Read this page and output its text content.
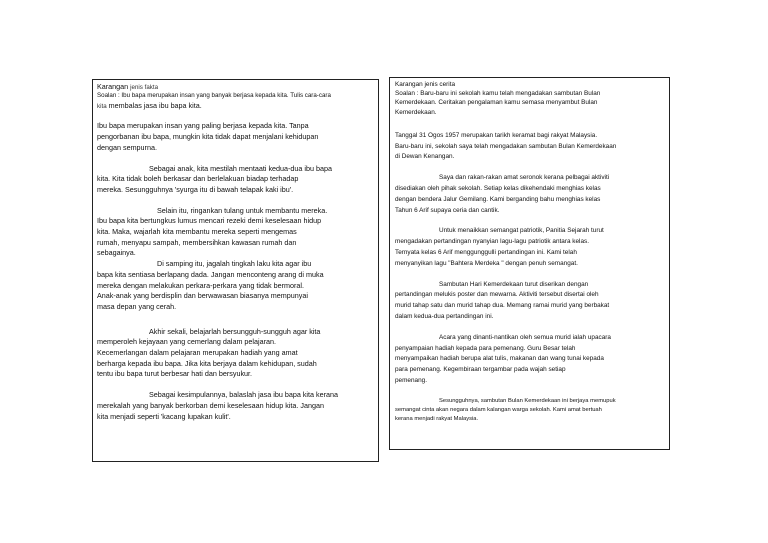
Karangan jenis fakta
Soalan : Ibu bapa merupakan insan yang banyak berjasa kepada kita. Tulis cara-cara
kita membalas jasa ibu bapa kita.

Ibu bapa merupakan insan yang paling berjasa kepada kita. Tanpa

pengorbanan ibu bapa, mungkin kita tidak dapat menjalani kehidupan

dengan sempurna.

Sebagai anak, kita mestilah mentaati kedua-dua ibu bapa

kita. Kita tidak boleh berkasar dan berlelakuan biadap terhadap

mereka. Sesungguhnya 'syurga itu di bawah telapak kaki ibu'.

Selain itu, ringankan tulang untuk membantu mereka.

Ibu bapa kita bertungkus lumus mencari rezeki demi keselesaan hidup

kita. Maka, wajarlah kita membantu mereka seperti mengemas

rumah, menyapu sampah, membersihkan kawasan rumah dan

sebagainya.

Di samping itu, jagalah tingkah laku kita agar ibu

bapa kita sentiasa berlapang dada. Jangan menconteng arang di muka

mereka dengan melakukan perkara-perkara yang tidak bermoral.

Anak-anak yang berdisplin dan berwawasan biasanya mempunyai

masa depan yang cerah.

Akhir sekali, belajarlah bersungguh-sungguh agar kita

memperoleh kejayaan yang cemerlang dalam pelajaran.

Kecemerlangan dalam pelajaran merupakan hadiah yang amat

berharga kepada ibu bapa. Jika kita berjaya dalam kehidupan, sudah

tentu ibu bapa turut berbesar hati dan bersyukur.

Sebagai kesimpulannya, balaslah jasa ibu bapa kita kerana

merekalah yang banyak berkorban demi keselesaan hidup kita. Jangan

kita menjadi seperti 'kacang lupakan kulit'.

Karangan jenis cerita
Soalan : Baru-baru ini sekolah kamu telah mengadakan sambutan Bulan
Kemerdekaan. Ceritakan pengalaman kamu semasa menyambut Bulan
Kemerdekaan.

Tanggal 31 Ogos 1957 merupakan tarikh keramat bagi rakyat Malaysia.

Baru-baru ini, sekolah saya telah mengadakan sambutan Bulan Kemerdekaan

di Dewan Kenangan.

Saya dan rakan-rakan amat seronok kerana pelbagai aktiviti

disediakan oleh pihak sekolah. Setiap kelas dikehendaki menghias kelas

dengan bendera Jalur Gemilang. Kami berganding bahu menghias kelas

Tahun 6 Arif supaya ceria dan cantik.

Untuk menaikkan semangat patriotik, Panitia Sejarah turut

mengadakan pertandingan nyanyian lagu-lagu patriotik antara kelas.

Ternyata kelas 6 Arif menggunggulli pertandingan ini. Kami telah

menyanyikan lagu "Bahtera Merdeka " dengan penuh semangat.

Sambutan Hari Kemerdekaan turut diserikan dengan

pertandingan melukis poster dan mewarna. Aktiviti tersebut disertai oleh

murid tahap satu dan murid tahap dua. Memang ramai murid yang berbakat

dalam kedua-dua pertandingan ini.

Acara yang dinanti-nantikan oleh semua murid ialah upacara

penyampaian hadiah kepada para pemenang. Guru Besar telah

menyampaikan hadiah berupa alat tulis, makanan dan wang tunai kepada

para pemenang. Kegembiraan tergambar pada wajah setiap

pemenang.

Sesungguhnya, sambutan Bulan Kemerdekaan ini berjaya memupuk

semangat cinta akan negara dalam kalangan warga sekolah. Kami amat bertuah

kerana menjadi rakyat Malaysia.
